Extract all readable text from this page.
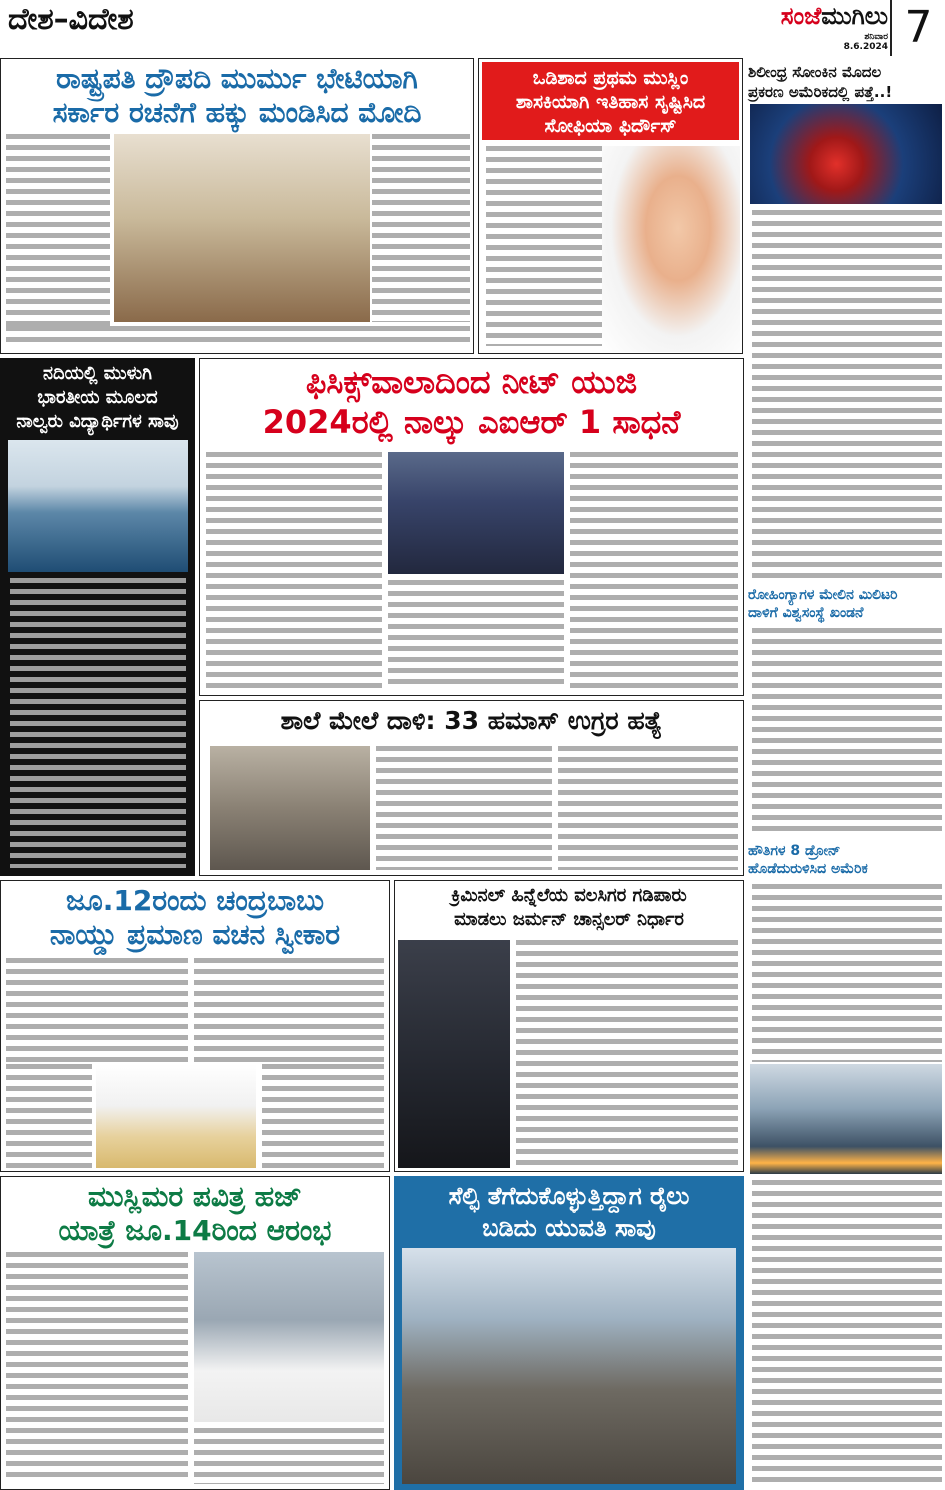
ದೇಶ–ವಿದೇಶ	ಸಂಜೆಮುಗಿಲು
ಶನಿವಾರ
8.6.2024 7
ರಾಷ್ಟ್ರಪತಿ ದ್ರೌಪದಿ ಮುರ್ಮು ಭೇಟಿಯಾಗಿ
ಸರ್ಕಾರ ರಚನೆಗೆ ಹಕ್ಕು ಮಂಡಿಸಿದ ಮೋದಿ
ಒಡಿಶಾದ ಪ್ರಥಮ ಮುಸ್ಲಿಂ
ಶಾಸಕಿಯಾಗಿ ಇತಿಹಾಸ ಸೃಷ್ಟಿಸಿದ
ಸೋಫಿಯಾ ಫಿರ್ದೌಸ್
ಶಿಲೀಂಧ್ರ ಸೋಂಕಿನ ಮೊದಲ
ಪ್ರಕರಣ ಅಮೆರಿಕದಲ್ಲಿ ಪತ್ತೆ..!
ನದಿಯಲ್ಲಿ ಮುಳುಗಿ
ಭಾರತೀಯ ಮೂಲದ
ನಾಲ್ವರು ವಿದ್ಯಾರ್ಥಿಗಳ ಸಾವು
ಫಿಸಿಕ್ಸ್‌ವಾಲಾದಿಂದ ನೀಟ್ ಯುಜಿ
2024ರಲ್ಲಿ ನಾಲ್ಕು ಎಐಆರ್ 1 ಸಾಧನೆ
ರೋಹಿಂಗ್ಯಾಗಳ ಮೇಲಿನ ಮಿಲಿಟರಿ
ದಾಳಿಗೆ ವಿಶ್ವಸಂಸ್ಥೆ ಖಂಡನೆ
ಶಾಲೆ ಮೇಲೆ ದಾಳಿ: 33 ಹಮಾಸ್ ಉಗ್ರರ ಹತ್ಯೆ
ಹೌತಿಗಳ 8 ಡ್ರೋನ್
ಹೊಡೆದುರುಳಿಸಿದ ಅಮೆರಿಕ
ಜೂ.12ರಂದು ಚಂದ್ರಬಾಬು
ನಾಯ್ಡು ಪ್ರಮಾಣ ವಚನ ಸ್ವೀಕಾರ
ಕ್ರಿಮಿನಲ್ ಹಿನ್ನೆಲೆಯ ವಲಸಿಗರ ಗಡಿಪಾರು
ಮಾಡಲು ಜರ್ಮನ್ ಚಾನ್ಸಲರ್ ನಿರ್ಧಾರ
ಮುಸ್ಲಿಮರ ಪವಿತ್ರ ಹಜ್
ಯಾತ್ರೆ ಜೂ.14ರಿಂದ ಆರಂಭ
ಸೆಲ್ಫಿ ತೆಗೆದುಕೊಳ್ಳುತ್ತಿದ್ದಾಗ ರೈಲು
ಬಡಿದು ಯುವತಿ ಸಾವು
